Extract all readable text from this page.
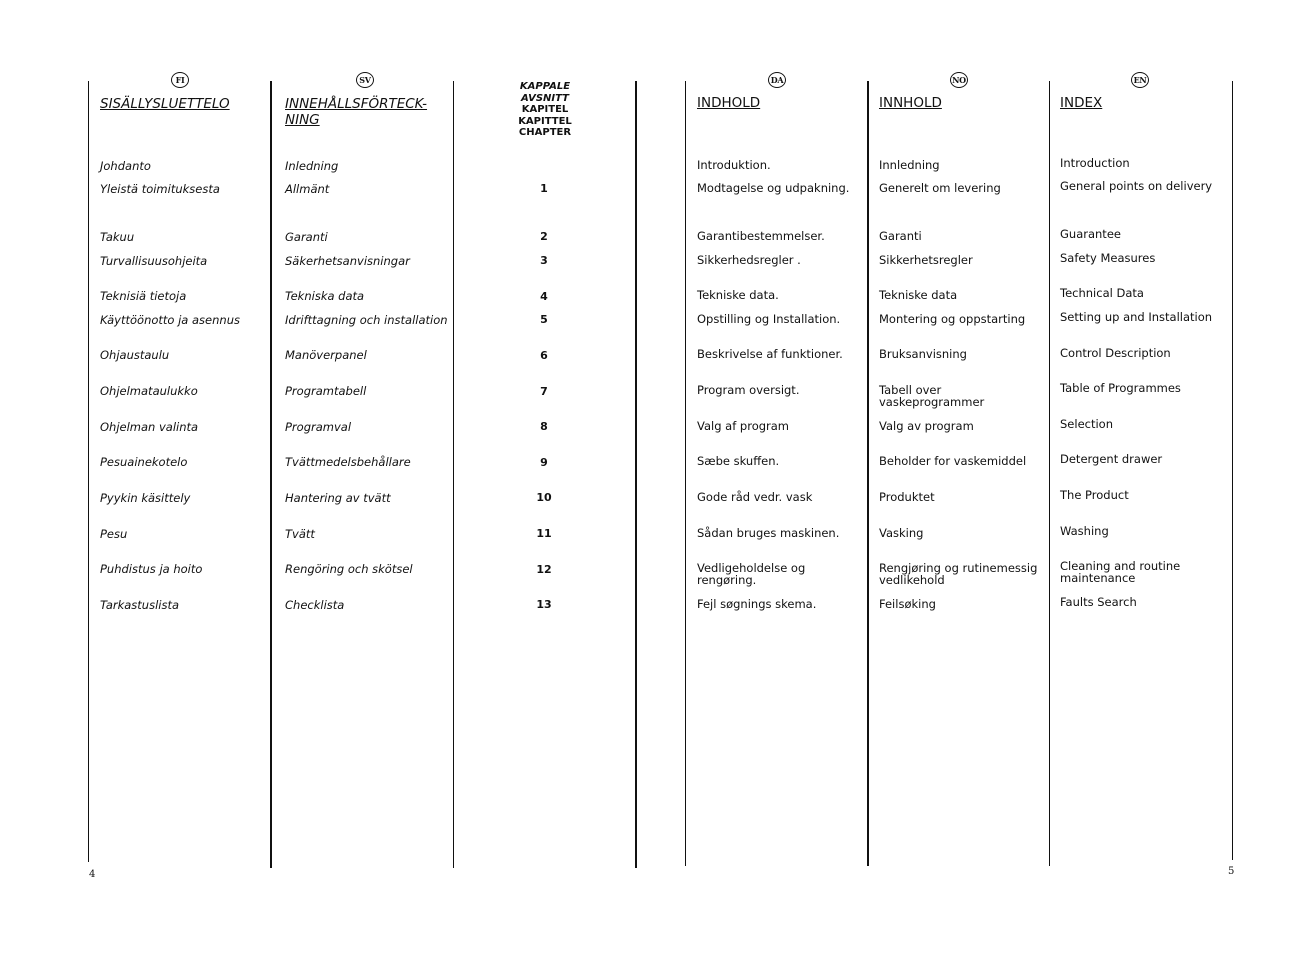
FI
SISÄLLYSLUETTELO
Johdanto
Yleistä toimituksesta
Takuu
Turvallisuusohjeita
Teknisiä tietoja
Käyttöönotto ja asennus
Ohjaustaulu
Ohjelmataulukko
Ohjelman valinta
Pesuainekotelo
Pyykin käsittely
Pesu
Puhdistus ja hoito
Tarkastuslista
SV
INNEHÅLLSFÖRTECK-
NING
Inledning
Allmänt
Garanti
Säkerhetsanvisningar
Tekniska data
Idrifttagning och installation
Manöverpanel
Programtabell
Programval
Tvättmedelsbehållare
Hantering av tvätt
Tvätt
Rengöring och skötsel
Checklista
KAPPALE
AVSNITT
KAPITEL
KAPITTEL
CHAPTER
1
2
3
4
5
6
7
8
9
10
11
12
13
DA
INDHOLD
Introduktion.
Modtagelse og udpakning.
Garantibestemmelser.
Sikkerhedsregler .
Tekniske data.
Opstilling og Installation.
Beskrivelse af funktioner.
Program oversigt.
Valg af program
Sæbe skuffen.
Gode råd vedr. vask
Sådan bruges maskinen.
Vedligeholdelse og
rengøring.
Fejl søgnings skema.
NO
INNHOLD
Innledning
Generelt om levering
Garanti
Sikkerhetsregler
Tekniske data
Montering og oppstarting
Bruksanvisning
Tabell over
vaskeprogrammer
Valg av program
Beholder for vaskemiddel
Produktet
Vasking
Rengjøring og rutinemessig
vedlikehold
Feilsøking
EN
INDEX
Introduction
General points on delivery
Guarantee
Safety Measures
Technical Data
Setting up and Installation
Control Description
Table of Programmes
Selection
Detergent drawer
The Product
Washing
Cleaning and routine
maintenance
Faults Search
4	5
